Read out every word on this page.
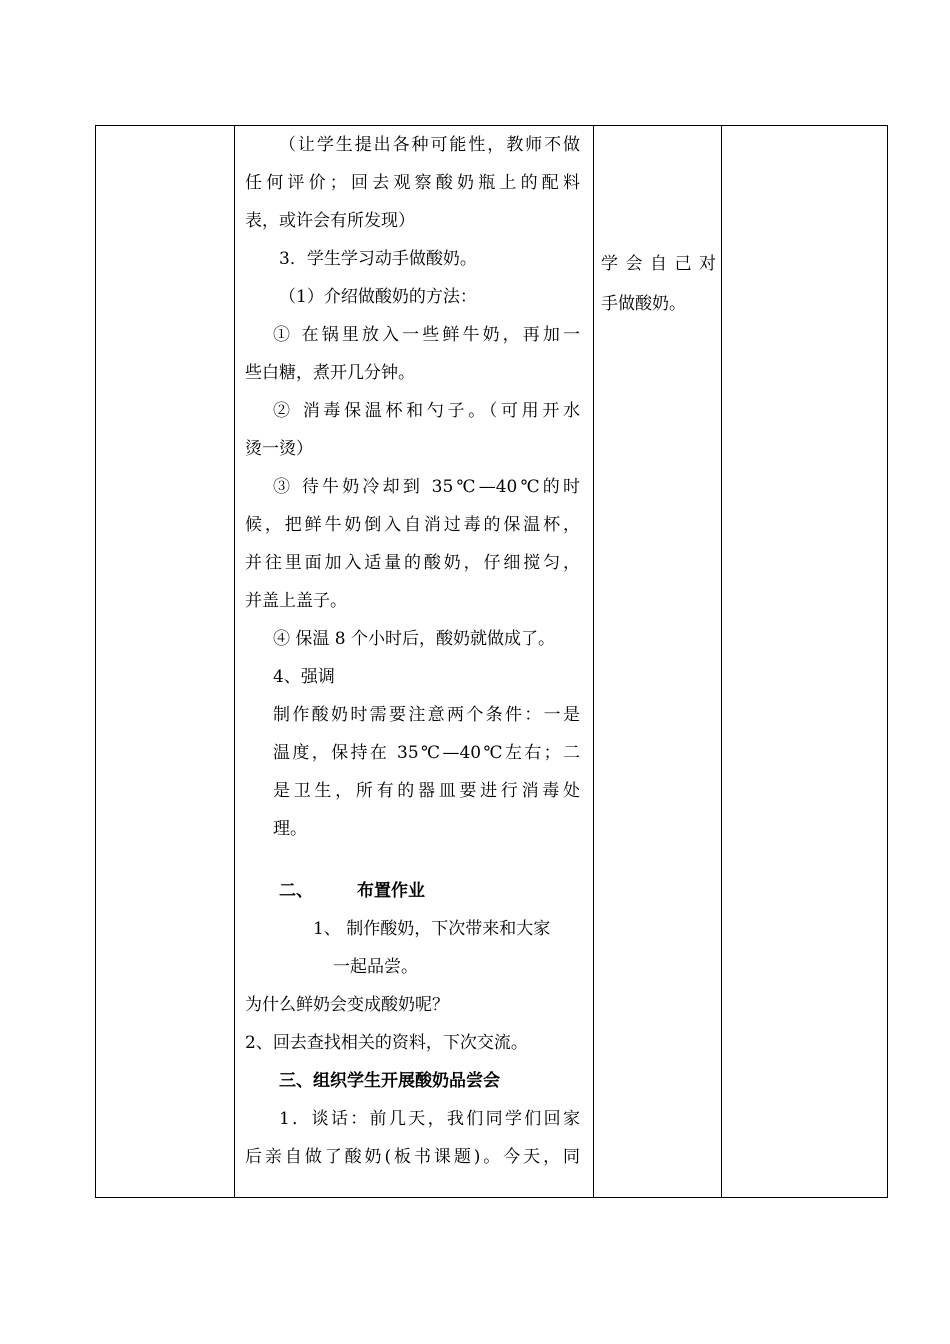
（让学生提出各种可能性，教师不做
任何评价；回去观察酸奶瓶上的配料
表，或许会有所发现）
3．学生学习动手做酸奶。
（1）介绍做酸奶的方法：
① 在锅里放入一些鲜牛奶，再加一
些白糖，煮开几分钟。
② 消毒保温杯和勺子。（可用开水
烫一烫）
③ 待牛奶冷却到 35℃—40℃的时
候，把鲜牛奶倒入自消过毒的保温杯，
并往里面加入适量的酸奶，仔细搅匀，
并盖上盖子。
④ 保温 8 个小时后，酸奶就做成了。
4、强调
制作酸奶时需要注意两个条件：一是
温度，保持在 35℃—40℃左右；二
是卫生，所有的器皿要进行消毒处
理。
二、	布置作业
1、 制作酸奶，下次带来和大家
一起品尝。
为什么鲜奶会变成酸奶呢？
2、回去查找相关的资料，下次交流。
三、组织学生开展酸奶品尝会
1．谈话：前几天，我们同学们回家
后亲自做了酸奶(板书课题)。今天，同
学会自己对
手做酸奶。
